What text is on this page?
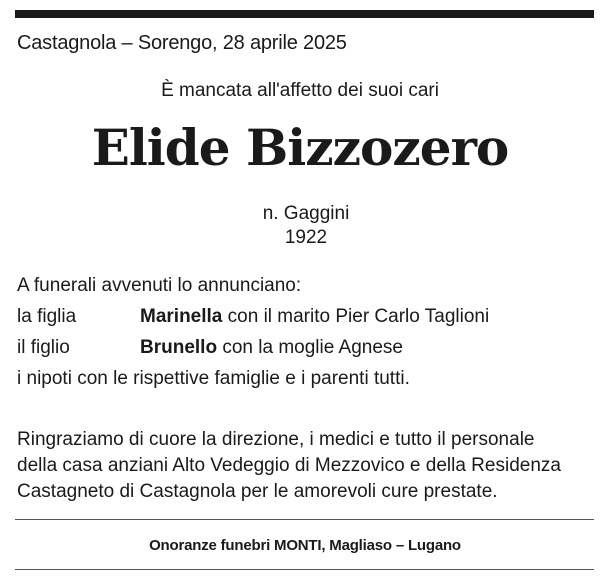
Castagnola – Sorengo, 28 aprile 2025
È mancata all'affetto dei suoi cari
Elide Bizzozero
n. Gaggini
1922
A funerali avvenuti lo annunciano:
la figlia	Marinella con il marito Pier Carlo Taglioni
il figlio	Brunello con la moglie Agnese
i nipoti con le rispettive famiglie e i parenti tutti.
Ringraziamo di cuore la direzione, i medici e tutto il personale
della casa anziani Alto Vedeggio di Mezzovico e della Residenza
Castagneto di Castagnola per le amorevoli cure prestate.
Onoranze funebri MONTI, Magliaso – Lugano
